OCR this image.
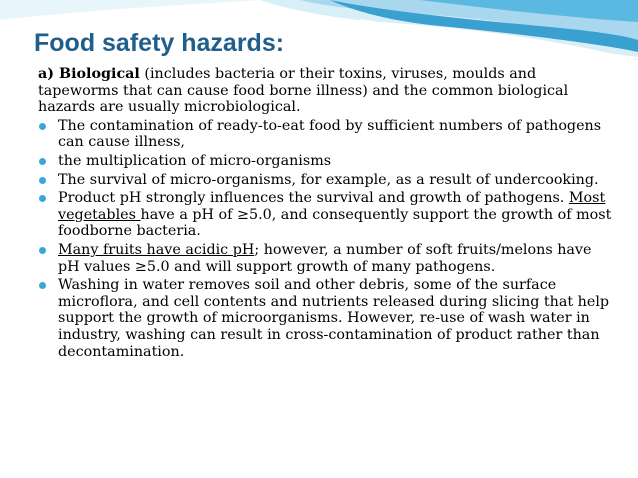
Food safety hazards:

a) Biological (includes bacteria or their toxins, viruses, moulds and tapeworms that can cause food borne illness) and the common biological hazards are usually microbiological.

The contamination of ready-to-eat food by sufficient numbers of pathogens can cause illness,
the multiplication of micro-organisms
The survival of micro-organisms, for example, as a result of undercooking.
Product pH strongly influences the survival and growth of pathogens. Most vegetables have a pH of ≥5.0, and consequently support the growth of most foodborne bacteria.
Many fruits have acidic pH; however, a number of soft fruits/melons have pH values ≥5.0 and will support growth of many pathogens.
Washing in water removes soil and other debris, some of the surface microflora, and cell contents and nutrients released during slicing that help support the growth of microorganisms. However, re-use of wash water in industry, washing can result in cross-contamination of product rather than decontamination.
